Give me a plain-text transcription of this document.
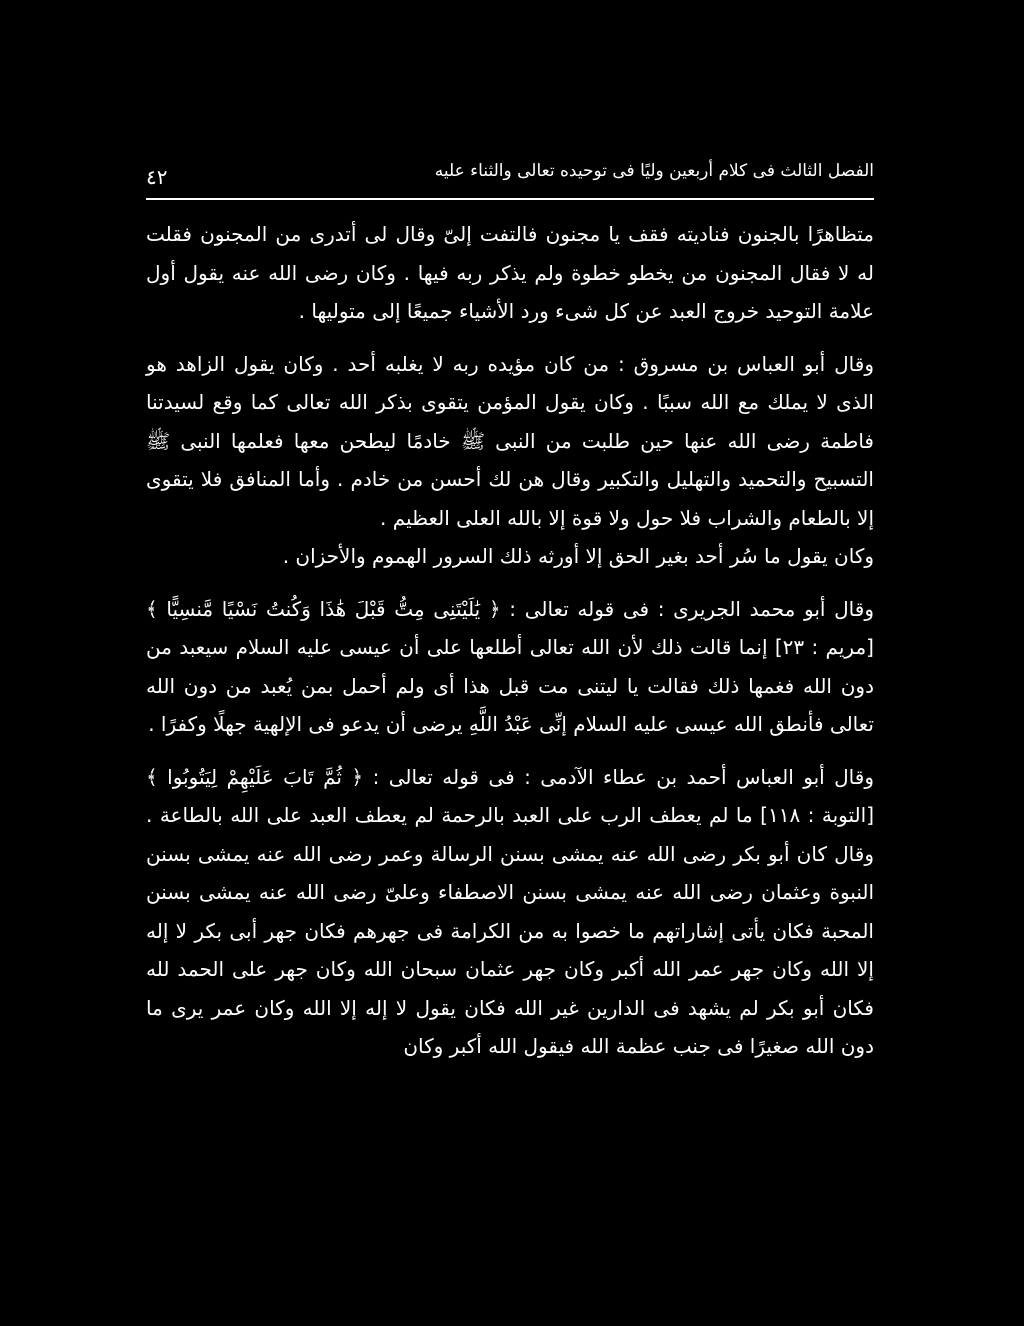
الفصل الثالث فى كلام أربعين وليًا فى توحيده تعالى والثناء عليه
٤٢

متظاهرًا بالجنون فناديته فقف يا مجنون فالتفت إلىّ وقال لى أتدرى من المجنون فقلت له لا فقال المجنون من يخطو خطوة ولم يذكر ربه فيها . وكان رضى الله عنه يقول أول علامة التوحيد خروج العبد عن كل شىء ورد الأشياء جميعًا إلى متوليها .

وقال أبو العباس بن مسروق : من كان مؤيده ربه لا يغلبه أحد . وكان يقول الزاهد هو الذى لا يملك مع الله سببًا . وكان يقول المؤمن يتقوى بذكر الله تعالى كما وقع لسيدتنا فاطمة رضى الله عنها حين طلبت من النبى ﷺ خادمًا ليطحن معها فعلمها النبى ﷺ التسبيح والتحميد والتهليل والتكبير وقال هن لك أحسن من خادم . وأما المنافق فلا يتقوى إلا بالطعام والشراب فلا حول ولا قوة إلا بالله العلى العظيم .

وكان يقول ما سُر أحد بغير الحق إلا أورثه ذلك السرور الهموم والأحزان .

وقال أبو محمد الجريرى : فى قوله تعالى : ﴿ يَٰلَيْتَنِى مِتُّ قَبْلَ هَٰذَا وَكُنتُ نَسْيًا مَّنسِيًّا ﴾ [مريم : ٢٣] إنما قالت ذلك لأن الله تعالى أطلعها على أن عيسى عليه السلام سيعبد من دون الله فغمها ذلك فقالت يا ليتنى مت قبل هذا أى ولم أحمل بمن يُعبد من دون الله تعالى فأنطق الله عيسى عليه السلام إنِّى عَبْدُ اللَّهِ يرضى أن يدعو فى الإلهية جهلًا وكفرًا .

وقال أبو العباس أحمد بن عطاء الآدمى : فى قوله تعالى : ﴿ ثُمَّ تَابَ عَلَيْهِمْ لِيَتُوبُوا ﴾ [التوبة : ١١٨] ما لم يعطف الرب على العبد بالرحمة لم يعطف العبد على الله بالطاعة . وقال كان أبو بكر رضى الله عنه يمشى بسنن الرسالة وعمر رضى الله عنه يمشى بسنن النبوة وعثمان رضى الله عنه يمشى بسنن الاصطفاء وعلىّ رضى الله عنه يمشى بسنن المحبة فكان يأتى إشاراتهم ما خصوا به من الكرامة فى جهرهم فكان جهر أبى بكر لا إله إلا الله وكان جهر عمر الله أكبر وكان جهر عثمان سبحان الله وكان جهر على الحمد لله فكان أبو بكر لم يشهد فى الدارين غير الله فكان يقول لا إله إلا الله وكان عمر يرى ما دون الله صغيرًا فى جنب عظمة الله فيقول الله أكبر وكان
